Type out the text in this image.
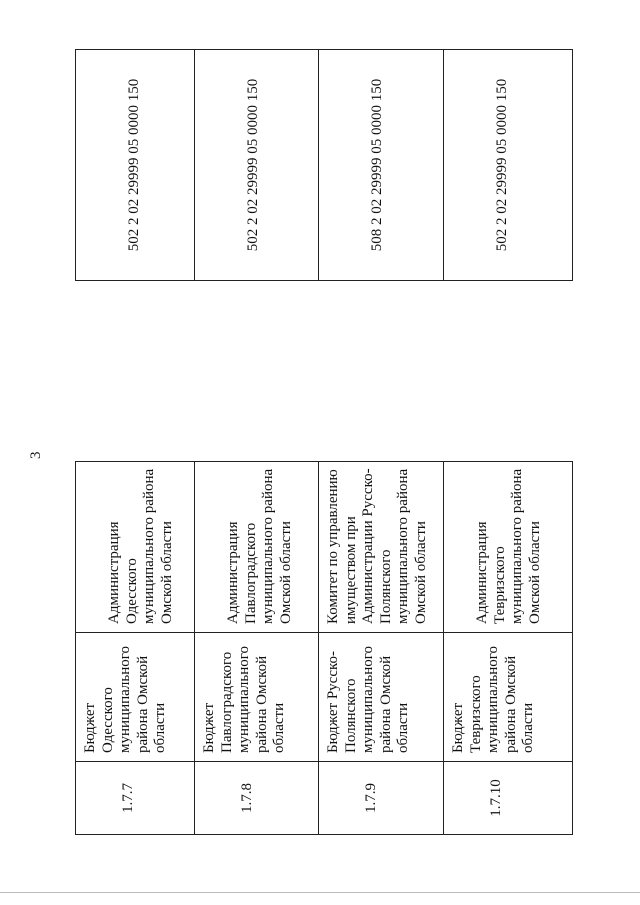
3
1.7.7	Бюджет Одесского муниципального района Омской области	Администрация Одесского муниципального района Омской области		502 2 02 29999 05 0000 150

1.7.8	Бюджет Павлоградского муниципального района Омской области	Администрация Павлоградского муниципального района Омской области		502 2 02 29999 05 0000 150

1.7.9	Бюджет Русско-Полянского муниципального района Омской области	Комитет по управлению имуществом при Администрации Русско-Полянского муниципального района Омской области		508 2 02 29999 05 0000 150

1.7.10	Бюджет Тевризского муниципального района Омской области	Администрация Тевризского муниципального района Омской области		502 2 02 29999 05 0000 150
